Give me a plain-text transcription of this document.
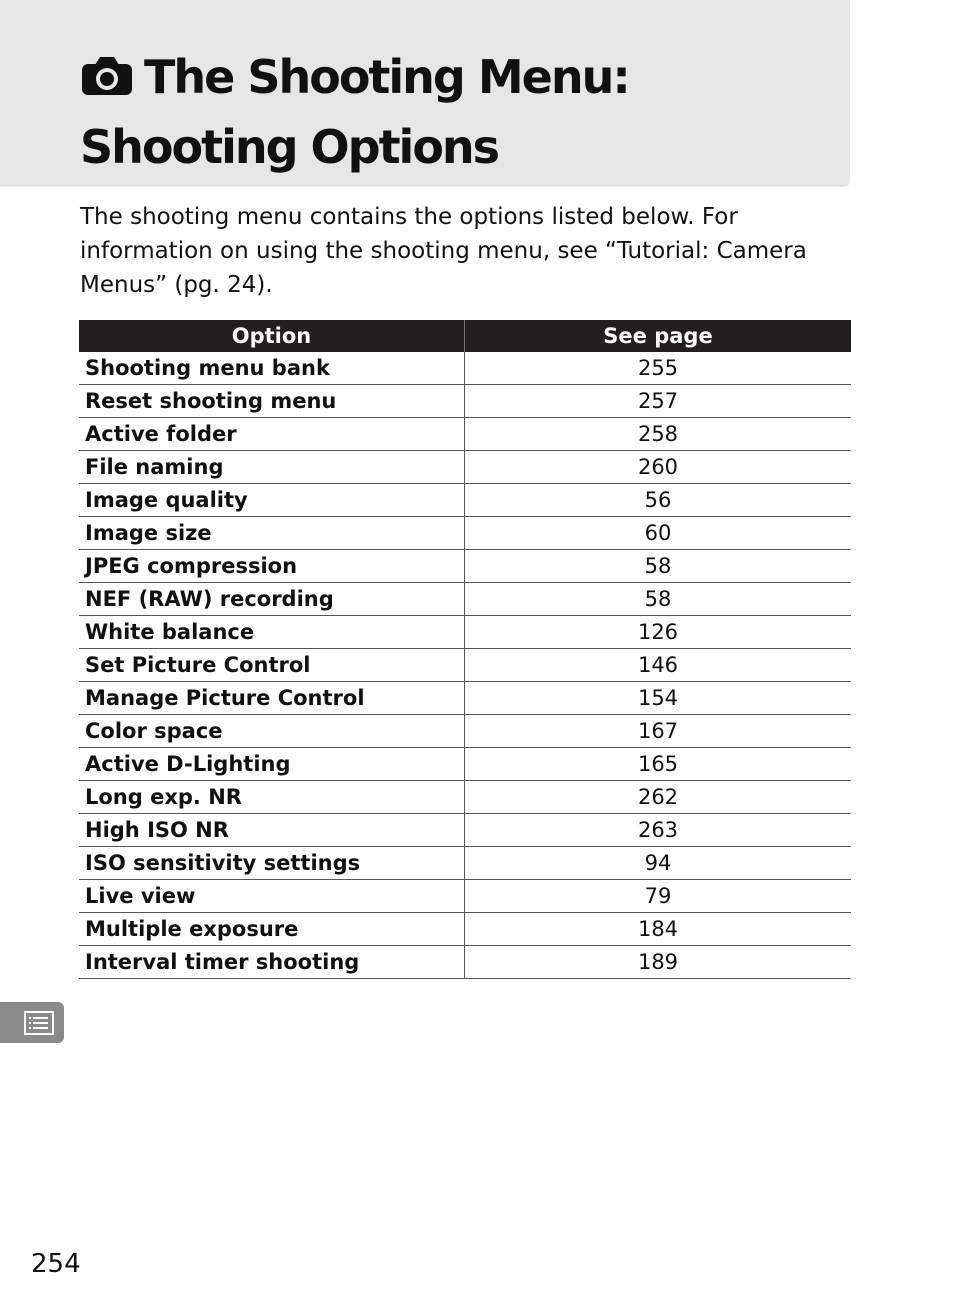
The Shooting Menu:
Shooting Options

The shooting menu contains the options listed below. For information on using the shooting menu, see “Tutorial: Camera Menus” (pg. 24).

Option	See page
Shooting menu bank	255
Reset shooting menu	257
Active folder	258
File naming	260
Image quality	56
Image size	60
JPEG compression	58
NEF (RAW) recording	58
White balance	126
Set Picture Control	146
Manage Picture Control	154
Color space	167
Active D-Lighting	165
Long exp. NR	262
High ISO NR	263
ISO sensitivity settings	94
Live view	79
Multiple exposure	184
Interval timer shooting	189
254
